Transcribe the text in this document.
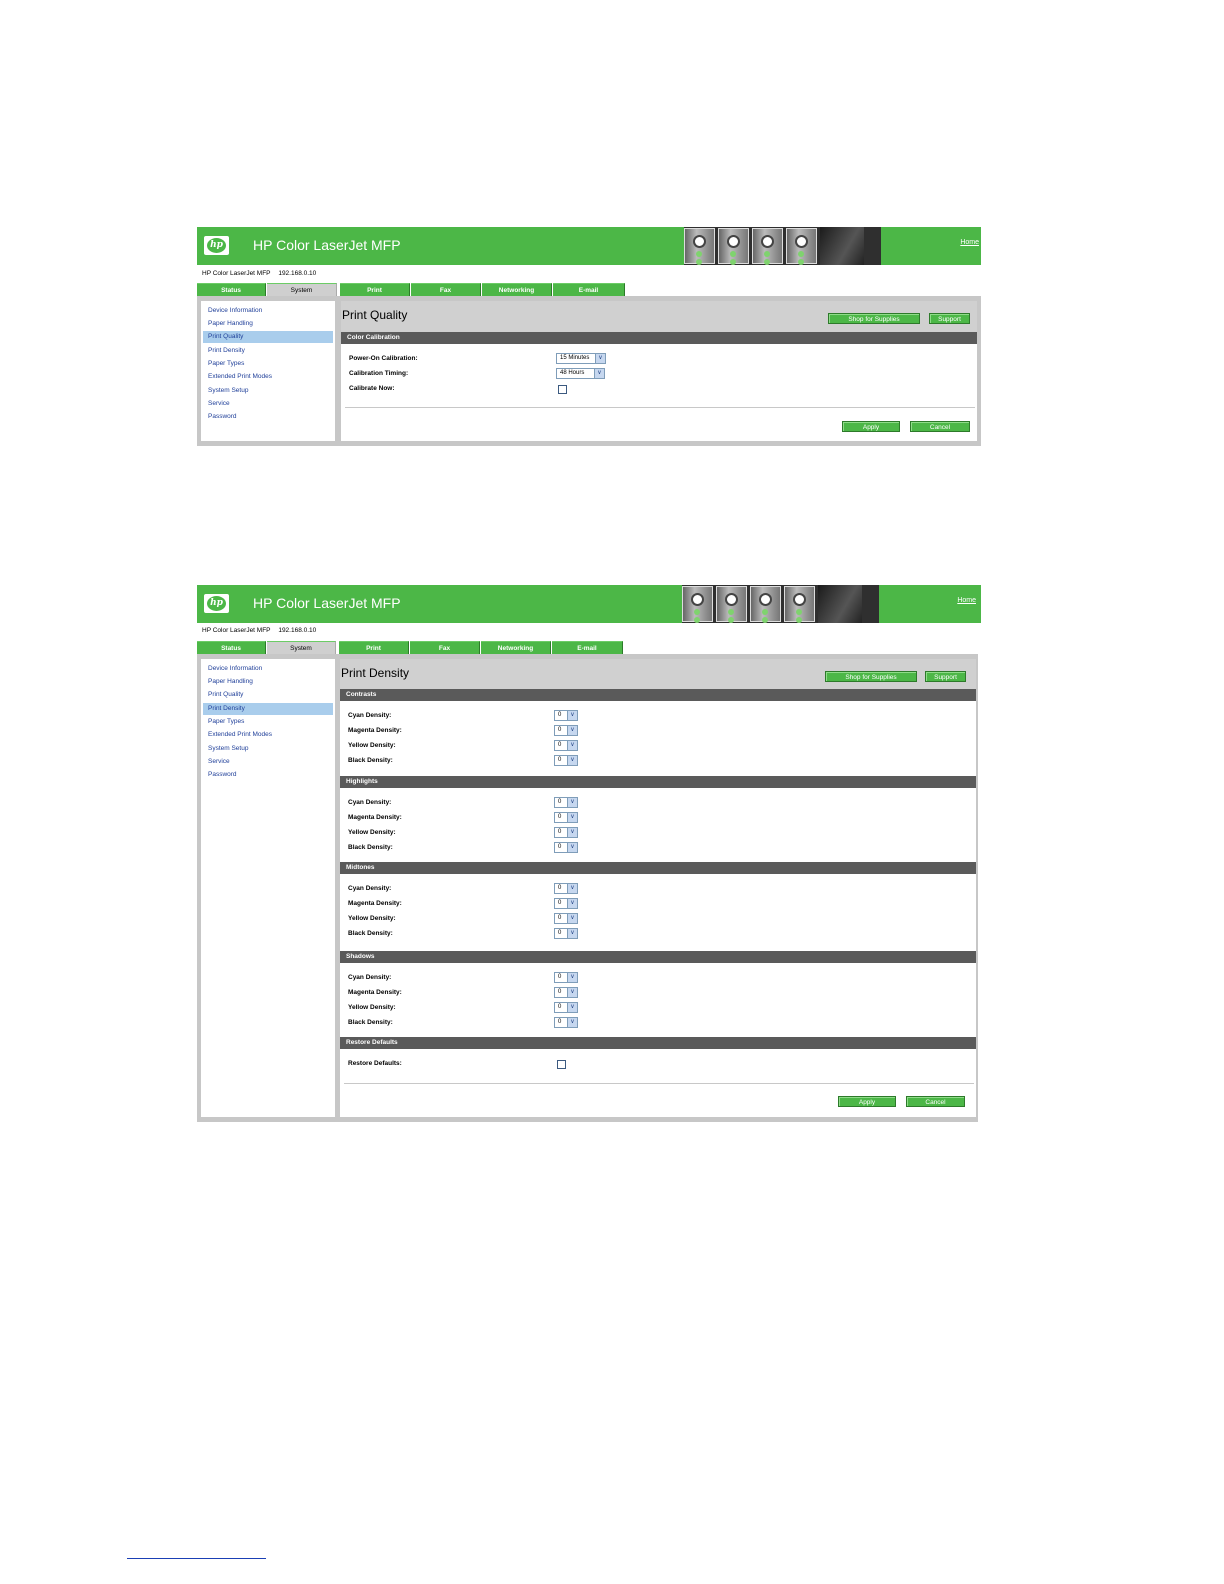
hp HP Color LaserJet MFP	Home
HP Color LaserJet MFP 192.168.0.10
Status	System	Print	Fax	Networking	E-mail
Device Information
Paper Handling
Print Quality
Print Density
Paper Types
Extended Print Modes
System Setup
Service
Password
Print Quality	Shop for Supplies	Support
Color Calibration
Power-On Calibration:	15 Minutes	∨
Calibration Timing:	48 Hours	∨
Calibrate Now:
Apply	Cancel
hp HP Color LaserJet MFP	Home
HP Color LaserJet MFP 192.168.0.10
Status	System	Print	Fax	Networking	E-mail
Device Information
Paper Handling
Print Quality
Print Density
Paper Types
Extended Print Modes
System Setup
Service
Password
Print Density	Shop for Supplies	Support
Contrasts
Cyan Density:	0	∨
Magenta Density:	0	∨
Yellow Density:	0	∨
Black Density:	0	∨
Highlights
Cyan Density:	0	∨
Magenta Density:	0	∨
Yellow Density:	0	∨
Black Density:	0	∨
Midtones
Cyan Density:	0	∨
Magenta Density:	0	∨
Yellow Density:	0	∨
Black Density:	0	∨
Shadows
Cyan Density:	0	∨
Magenta Density:	0	∨
Yellow Density:	0	∨
Black Density:	0	∨
Restore Defaults
Restore Defaults:
Apply	Cancel
